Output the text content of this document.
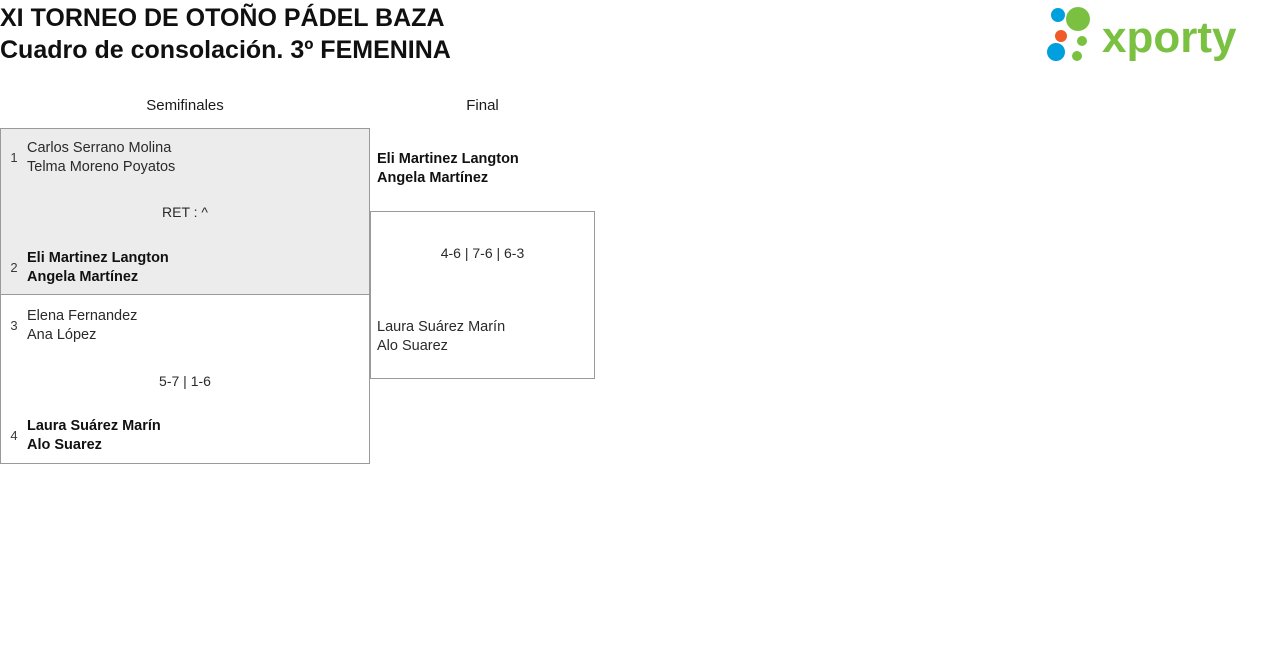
XI TORNEO DE OTOÑO PÁDEL BAZA
Cuadro de consolación. 3º FEMENINA	xporty
Semifinales	Final
1
Carlos Serrano Molina
Telma Moreno Poyatos
RET : ^
2
Eli Martinez Langton
Angela Martínez
3
Elena Fernandez
Ana López
5-7 | 1-6
4
Laura Suárez Marín
Alo Suarez
Eli Martinez Langton
Angela Martínez
4-6 | 7-6 | 6-3
Laura Suárez Marín
Alo Suarez
